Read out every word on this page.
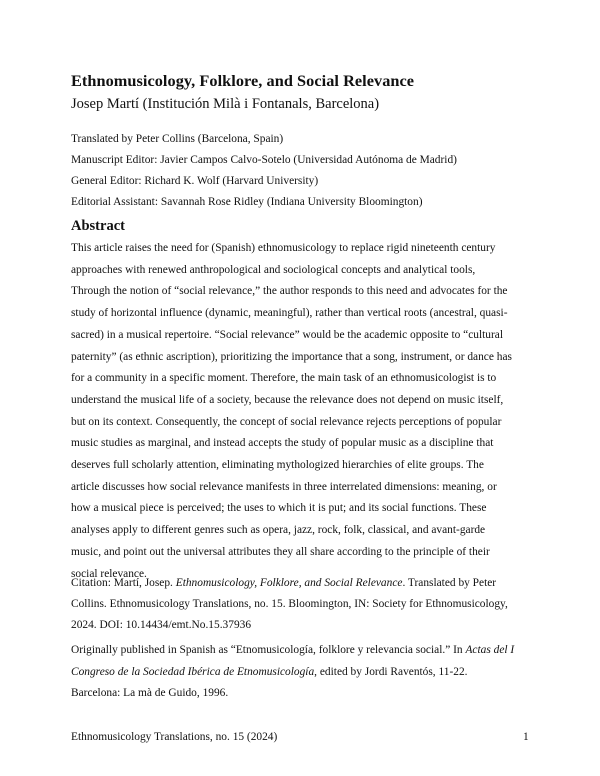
Ethnomusicology, Folklore, and Social Relevance
Josep Martí (Institución Milà i Fontanals, Barcelona)
Translated by Peter Collins (Barcelona, Spain)
Manuscript Editor: Javier Campos Calvo-Sotelo (Universidad Autónoma de Madrid)
General Editor: Richard K. Wolf (Harvard University)
Editorial Assistant: Savannah Rose Ridley (Indiana University Bloomington)
Abstract
This article raises the need for (Spanish) ethnomusicology to replace rigid nineteenth century
approaches with renewed anthropological and sociological concepts and analytical tools,
Through the notion of “social relevance,” the author responds to this need and advocates for the
study of horizontal influence (dynamic, meaningful), rather than vertical roots (ancestral, quasi-
sacred) in a musical repertoire. “Social relevance” would be the academic opposite to “cultural
paternity” (as ethnic ascription), prioritizing the importance that a song, instrument, or dance has
for a community in a specific moment. Therefore, the main task of an ethnomusicologist is to
understand the musical life of a society, because the relevance does not depend on music itself,
but on its context. Consequently, the concept of social relevance rejects perceptions of popular
music studies as marginal, and instead accepts the study of popular music as a discipline that
deserves full scholarly attention, eliminating mythologized hierarchies of elite groups. The
article discusses how social relevance manifests in three interrelated dimensions: meaning, or
how a musical piece is perceived; the uses to which it is put; and its social functions. These
analyses apply to different genres such as opera, jazz, rock, folk, classical, and avant-garde
music, and point out the universal attributes they all share according to the principle of their
social relevance.
Citation: Martí, Josep. Ethnomusicology, Folklore, and Social Relevance. Translated by Peter
Collins. Ethnomusicology Translations, no. 15. Bloomington, IN: Society for Ethnomusicology,
2024. DOI: 10.14434/emt.No.15.37936
Originally published in Spanish as “Etnomusicología, folklore y relevancia social.” In Actas del I
Congreso de la Sociedad Ibérica de Etnomusicología, edited by Jordi Raventós, 11-22.
Barcelona: La mà de Guido, 1996.
Ethnomusicology Translations, no. 15 (2024)	1
